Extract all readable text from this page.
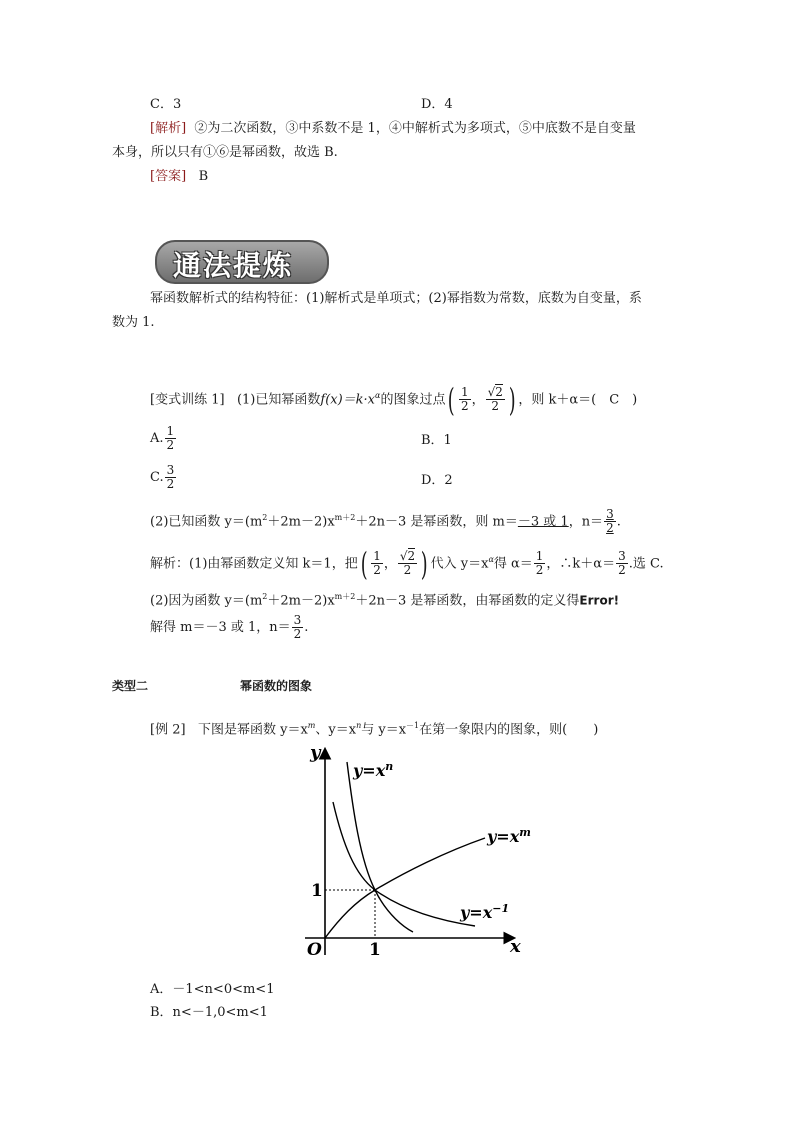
C．3	D．4
[解析] ②为二次函数，③中系数不是 1，④中解析式为多项式，⑤中底数不是自变量
本身，所以只有①⑥是幂函数，故选 B.
[答案] B
通法提炼
幂函数解析式的结构特征：(1)解析式是单项式；(2)幂指数为常数，底数为自变量，系
数为 1.
[变式训练 1] (1)已知幂函数$f(x)=k\cdot x^\alpha$的图象过点( $\frac{1}{2}$ ， $\frac{√2}{2}$ ) ，则 k＋α＝(　C　)
A. $\frac{1}{2}$	B．1
C. $\frac{3}{2}$	D．2
(2)已知函数 $y=(m^2+2m-2)x^{m+2}+2n-3$ 是幂函数，则 m＝－3 或 1，$n= \frac{3}{2}$ .
解析：(1)由幂函数定义知 k＝1，把( $\frac{1}{2}$ ， $\frac{√2}{2}$ ) 代入 $y=x^\alpha$得 $\alpha= \frac{1}{2}$ ，∴k＋α＝ $\frac{3}{2}$ .选 C.
(2)因为函数 $y=(m^2+2m-2)x^{m+2}+2n-3$ 是幂函数，由幂函数的定义得Error!
解得 m＝－3 或 1，$n= \frac{3}{2}$ .
类型二	幂函数的图象
[例 2] 下图是幂函数 $y=x^m$、$y=x^n$与 $y=x^{-1}$在第一象限内的图象，则(　　)
y
x
O	1
1
$y=x^n$
$y=x^m$
$y=x^{-1}$
A．－1<n<0<m<1
B．n<－1,0<m<1
